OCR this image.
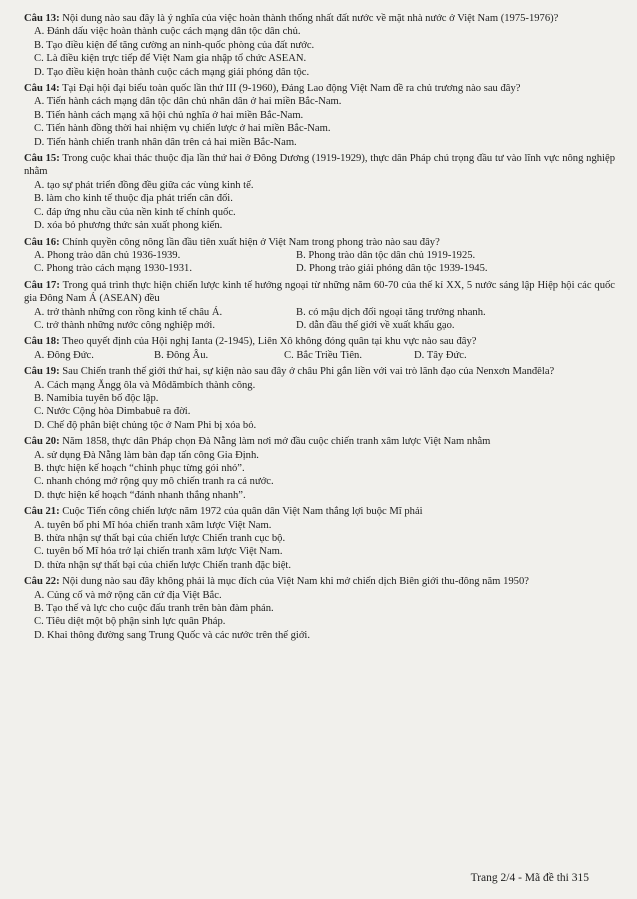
Câu 13: Nội dung nào sau đây là ý nghĩa của việc hoàn thành thống nhất đất nước về mặt nhà nước ở Việt Nam (1975-1976)?
A. Đánh dấu việc hoàn thành cuộc cách mạng dân tộc dân chủ.
B. Tạo điều kiện để tăng cường an ninh-quốc phòng của đất nước.
C. Là điều kiện trực tiếp để Việt Nam gia nhập tổ chức ASEAN.
D. Tạo điều kiện hoàn thành cuộc cách mạng giải phóng dân tộc.
Câu 14: Tại Đại hội đại biểu toàn quốc lần thứ III (9-1960), Đảng Lao động Việt Nam đề ra chủ trương nào sau đây?
A. Tiến hành cách mạng dân tộc dân chủ nhân dân ở hai miền Bắc-Nam.
B. Tiến hành cách mạng xã hội chủ nghĩa ở hai miền Bắc-Nam.
C. Tiến hành đồng thời hai nhiệm vụ chiến lược ở hai miền Bắc-Nam.
D. Tiến hành chiến tranh nhân dân trên cả hai miền Bắc-Nam.
Câu 15: Trong cuộc khai thác thuộc địa lần thứ hai ở Đông Dương (1919-1929), thực dân Pháp chú trọng đầu tư vào lĩnh vực nông nghiệp nhằm
A. tạo sự phát triển đồng đều giữa các vùng kinh tế.
B. làm cho kinh tế thuộc địa phát triển cân đối.
C. đáp ứng nhu cầu của nền kinh tế chính quốc.
D. xóa bỏ phương thức sản xuất phong kiến.
Câu 16: Chính quyền công nông lần đầu tiên xuất hiện ở Việt Nam trong phong trào nào sau đây?
A. Phong trào dân chủ 1936-1939.	B. Phong trào dân tộc dân chủ 1919-1925.
C. Phong trào cách mạng 1930-1931.	D. Phong trào giải phóng dân tộc 1939-1945.
Câu 17: Trong quá trình thực hiện chiến lược kinh tế hướng ngoại từ những năm 60-70 của thế kỉ XX, 5 nước sáng lập Hiệp hội các quốc gia Đông Nam Á (ASEAN) đều
A. trở thành những con rồng kinh tế châu Á.	B. có mậu dịch đối ngoại tăng trưởng nhanh.
C. trở thành những nước công nghiệp mới.	D. dẫn đầu thế giới về xuất khẩu gạo.
Câu 18: Theo quyết định của Hội nghị Ianta (2-1945), Liên Xô không đóng quân tại khu vực nào sau đây?
A. Đông Đức.	B. Đông Âu.	C. Bắc Triều Tiên.	D. Tây Đức.
Câu 19: Sau Chiến tranh thế giới thứ hai, sự kiện nào sau đây ở châu Phi gắn liền với vai trò lãnh đạo của Nenxơn Manđêla?
A. Cách mạng Ăngg ôla và Môdămbích thành công.
B. Namibia tuyên bố độc lập.
C. Nước Cộng hòa Dimbabuê ra đời.
D. Chế độ phân biệt chủng tộc ở Nam Phi bị xóa bỏ.
Câu 20: Năm 1858, thực dân Pháp chọn Đà Nẵng làm nơi mở đầu cuộc chiến tranh xâm lược Việt Nam nhằm
A. sử dụng Đà Nẵng làm bàn đạp tấn công Gia Định.
B. thực hiện kế hoạch “chinh phục từng gói nhỏ”.
C. nhanh chóng mở rộng quy mô chiến tranh ra cả nước.
D. thực hiện kế hoạch “đánh nhanh thắng nhanh”.
Câu 21: Cuộc Tiến công chiến lược năm 1972 của quân dân Việt Nam thắng lợi buộc Mĩ phải
A. tuyên bố phi Mĩ hóa chiến tranh xâm lược Việt Nam.
B. thừa nhận sự thất bại của chiến lược Chiến tranh cục bộ.
C. tuyên bố Mĩ hóa trở lại chiến tranh xâm lược Việt Nam.
D. thừa nhận sự thất bại của chiến lược Chiến tranh đặc biệt.
Câu 22: Nội dung nào sau đây không phải là mục đích của Việt Nam khi mở chiến dịch Biên giới thu-đông năm 1950?
A. Củng cố và mở rộng căn cứ địa Việt Bắc.
B. Tạo thế và lực cho cuộc đấu tranh trên bàn đàm phán.
C. Tiêu diệt một bộ phận sinh lực quân Pháp.
D. Khai thông đường sang Trung Quốc và các nước trên thế giới.
Trang 2/4 - Mã đề thi 315
